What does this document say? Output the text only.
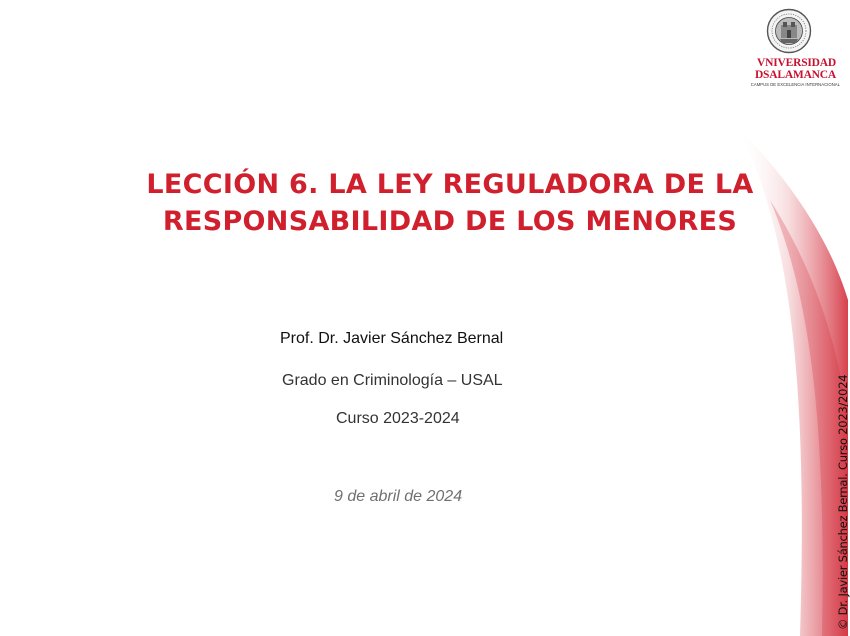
VNIVERSIDAD
DSALAMANCA
CAMPUS DE EXCELENCIA INTERNACIONAL
LECCIÓN 6. LA LEY REGULADORA DE LA
RESPONSABILIDAD DE LOS MENORES
Prof. Dr. Javier Sánchez Bernal
Grado en Criminología – USAL
Curso 2023-2024
9 de abril de 2024	© Dr. Javier Sánchez Bernal. Curso 2023/2024
